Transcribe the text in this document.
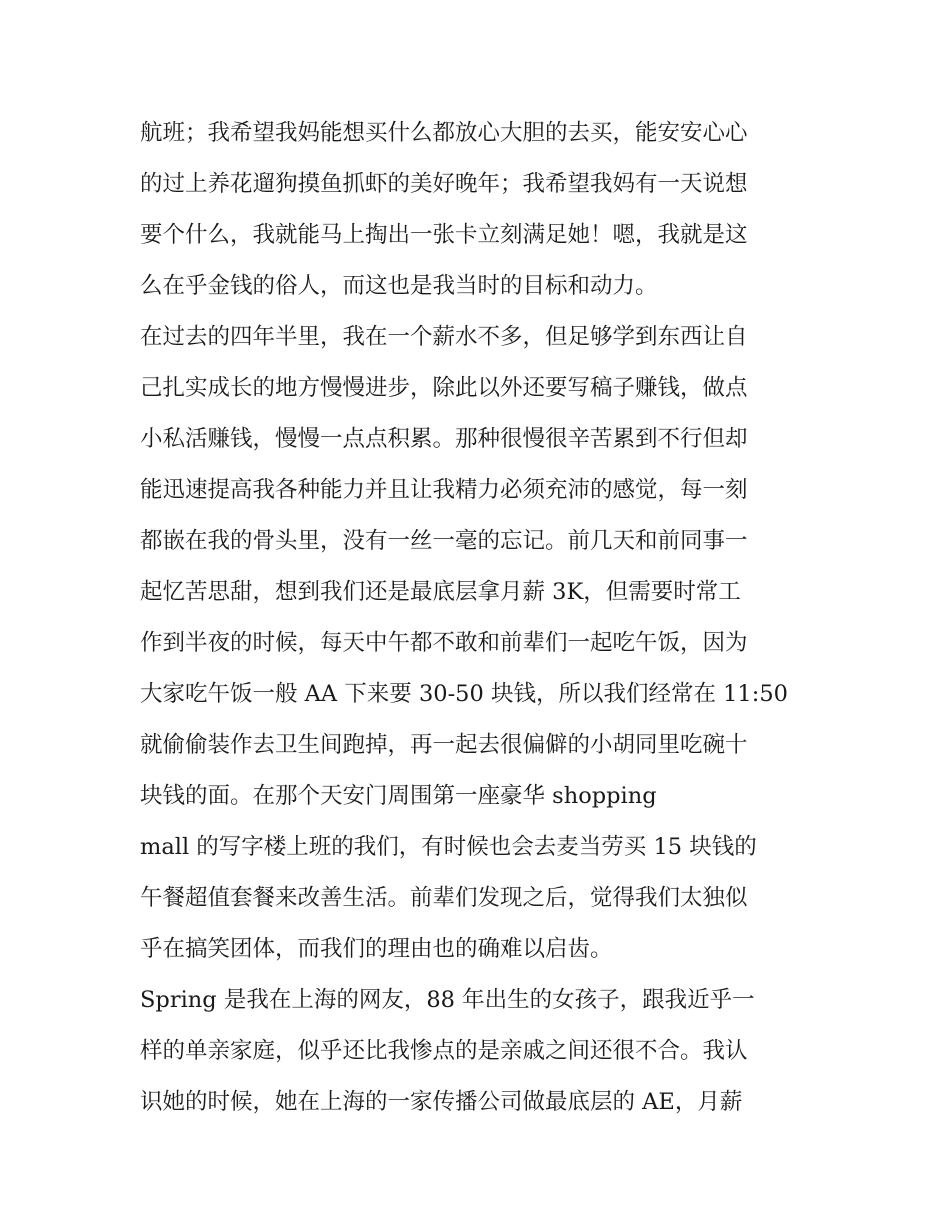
航班；我希望我妈能想买什么都放心大胆的去买，能安安心心
的过上养花遛狗摸鱼抓虾的美好晚年；我希望我妈有一天说想
要个什么，我就能马上掏出一张卡立刻满足她！嗯，我就是这
么在乎金钱的俗人，而这也是我当时的目标和动力。
在过去的四年半里，我在一个薪水不多，但足够学到东西让自
己扎实成长的地方慢慢进步，除此以外还要写稿子赚钱，做点
小私活赚钱，慢慢一点点积累。那种很慢很辛苦累到不行但却
能迅速提高我各种能力并且让我精力必须充沛的感觉，每一刻
都嵌在我的骨头里，没有一丝一毫的忘记。前几天和前同事一
起忆苦思甜，想到我们还是最底层拿月薪 3K，但需要时常工
作到半夜的时候，每天中午都不敢和前辈们一起吃午饭，因为
大家吃午饭一般 AA 下来要 30-50 块钱，所以我们经常在 11:50
就偷偷装作去卫生间跑掉，再一起去很偏僻的小胡同里吃碗十
块钱的面。在那个天安门周围第一座豪华 shopping
mall 的写字楼上班的我们，有时候也会去麦当劳买 15 块钱的
午餐超值套餐来改善生活。前辈们发现之后，觉得我们太独似
乎在搞笑团体，而我们的理由也的确难以启齿。
Spring 是我在上海的网友，88 年出生的女孩子，跟我近乎一
样的单亲家庭，似乎还比我惨点的是亲戚之间还很不合。我认
识她的时候，她在上海的一家传播公司做最底层的 AE，月薪
